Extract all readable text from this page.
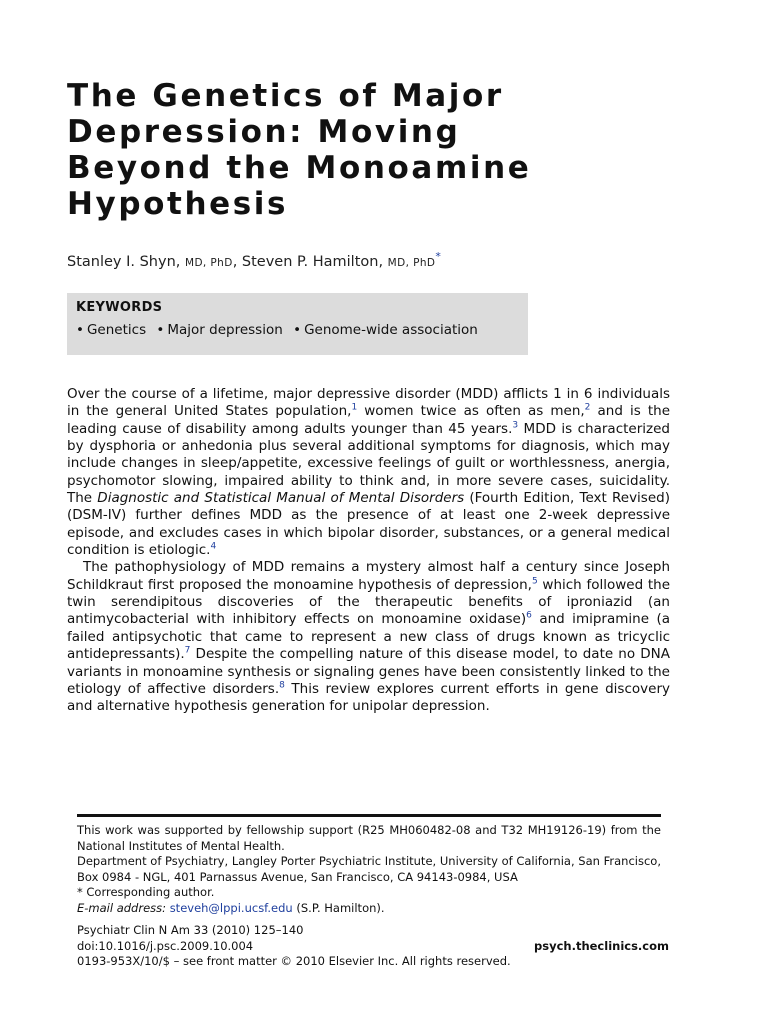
The Genetics of Major
Depression: Moving
Beyond the Monoamine
Hypothesis
Stanley I. Shyn, MD, PhD, Steven P. Hamilton, MD, PhD*
KEYWORDS
• Genetics • Major depression • Genome-wide association

Over the course of a lifetime, major depressive disorder (MDD) afflicts 1 in 6 individuals in the general United States population,$^1$ women twice as often as men,$^2$ and is the leading cause of disability among adults younger than 45 years.$^3$ MDD is characterized by dysphoria or anhedonia plus several additional symptoms for diagnosis, which may include changes in sleep/appetite, excessive feelings of guilt or worthlessness, anergia, psychomotor slowing, impaired ability to think and, in more severe cases, suicidality. The Diagnostic and Statistical Manual of Mental Disorders (Fourth Edition, Text Revised) (DSM-IV) further defines MDD as the presence of at least one 2-week depressive episode, and excludes cases in which bipolar disorder, substances, or a general medical condition is etiologic.$^4$

The pathophysiology of MDD remains a mystery almost half a century since Joseph Schildkraut first proposed the monoamine hypothesis of depression,$^5$ which followed the twin serendipitous discoveries of the therapeutic benefits of iproniazid (an antimycobacterial with inhibitory effects on monoamine oxidase)$^6$ and imipramine (a failed antipsychotic that came to represent a new class of drugs known as tricyclic antidepressants).$^7$ Despite the compelling nature of this disease model, to date no DNA variants in monoamine synthesis or signaling genes have been consistently linked to the etiology of affective disorders.$^8$ This review explores current efforts in gene discovery and alternative hypothesis generation for unipolar depression.

This work was supported by fellowship support (R25 MH060482-08 and T32 MH19126-19) from the National Institutes of Mental Health.

Department of Psychiatry, Langley Porter Psychiatric Institute, University of California, San Francisco, Box 0984 - NGL, 401 Parnassus Avenue, San Francisco, CA 94143-0984, USA

* Corresponding author.

E-mail address: steveh@lppi.ucsf.edu (S.P. Hamilton).

Psychiatr Clin N Am 33 (2010) 125–140

doi:10.1016/j.psc.2009.10.004

0193-953X/10/$ – see front matter © 2010 Elsevier Inc. All rights reserved.

psych.theclinics.com
